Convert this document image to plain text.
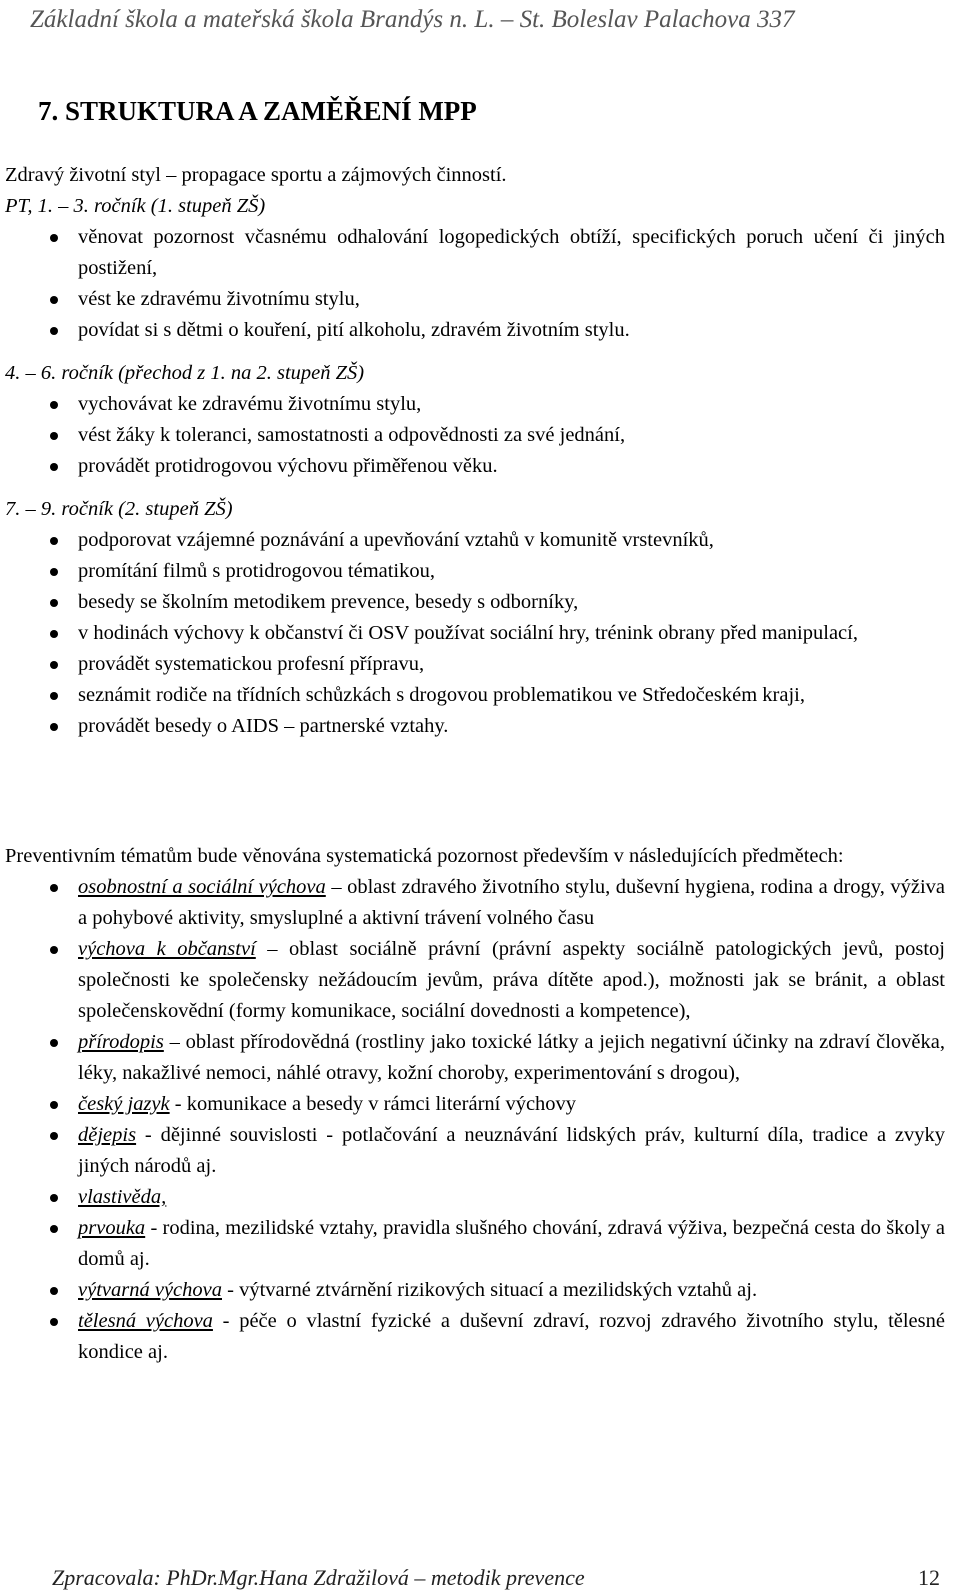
Základní škola a mateřská škola Brandýs n. L. – St. Boleslav Palachova 337
7. STRUKTURA A ZAMĚŘENÍ MPP

Zdravý životní styl – propagace sportu a zájmových činností.

PT, 1. – 3. ročník (1. stupeň ZŠ)

věnovat pozornost včasnému odhalování logopedických obtíží, specifických poruch učení či jiných postižení,
vést ke zdravému životnímu stylu,
povídat si s dětmi o kouření, pití alkoholu, zdravém životním stylu.

4. – 6. ročník (přechod z 1. na 2. stupeň ZŠ)

vychovávat ke zdravému životnímu stylu,
vést žáky k toleranci, samostatnosti a odpovědnosti za své jednání,
provádět protidrogovou výchovu přiměřenou věku.

7. – 9. ročník (2. stupeň ZŠ)

podporovat vzájemné poznávání a upevňování vztahů v komunitě vrstevníků,
promítání filmů s protidrogovou tématikou,
besedy se školním metodikem prevence, besedy s odborníky,
v hodinách výchovy k občanství či OSV používat sociální hry, trénink obrany před manipulací,
provádět systematickou profesní přípravu,
seznámit rodiče na třídních schůzkách s drogovou problematikou ve Středočeském kraji,
provádět besedy o AIDS – partnerské vztahy.

Preventivním tématům bude věnována systematická pozornost především v následujících předmětech:

osobnostní a sociální výchova – oblast zdravého životního stylu, duševní hygiena, rodina a drogy, výživa a pohybové aktivity, smysluplné a aktivní trávení volného času
výchova k občanství – oblast sociálně právní (právní aspekty sociálně patologických jevů, postoj společnosti ke společensky nežádoucím jevům, práva dítěte apod.), možnosti jak se bránit, a oblast společenskovědní (formy komunikace, sociální dovednosti a kompetence),
přírodopis – oblast přírodovědná (rostliny jako toxické látky a jejich negativní účinky na zdraví člověka, léky, nakažlivé nemoci, náhlé otravy, kožní choroby, experimentování s drogou),
český jazyk - komunikace a besedy v rámci literární výchovy
dějepis - dějinné souvislosti - potlačování a neuznávání lidských práv, kulturní díla, tradice a zvyky jiných národů aj.
vlastivěda,
prvouka - rodina, mezilidské vztahy, pravidla slušného chování, zdravá výživa, bezpečná cesta do školy a domů aj.
výtvarná výchova - výtvarné ztvárnění rizikových situací a mezilidských vztahů aj.
tělesná výchova - péče o vlastní fyzické a duševní zdraví, rozvoj zdravého životního stylu, tělesné kondice aj.
Zpracovala: PhDr.Mgr.Hana Zdražilová – metodik prevence	12
